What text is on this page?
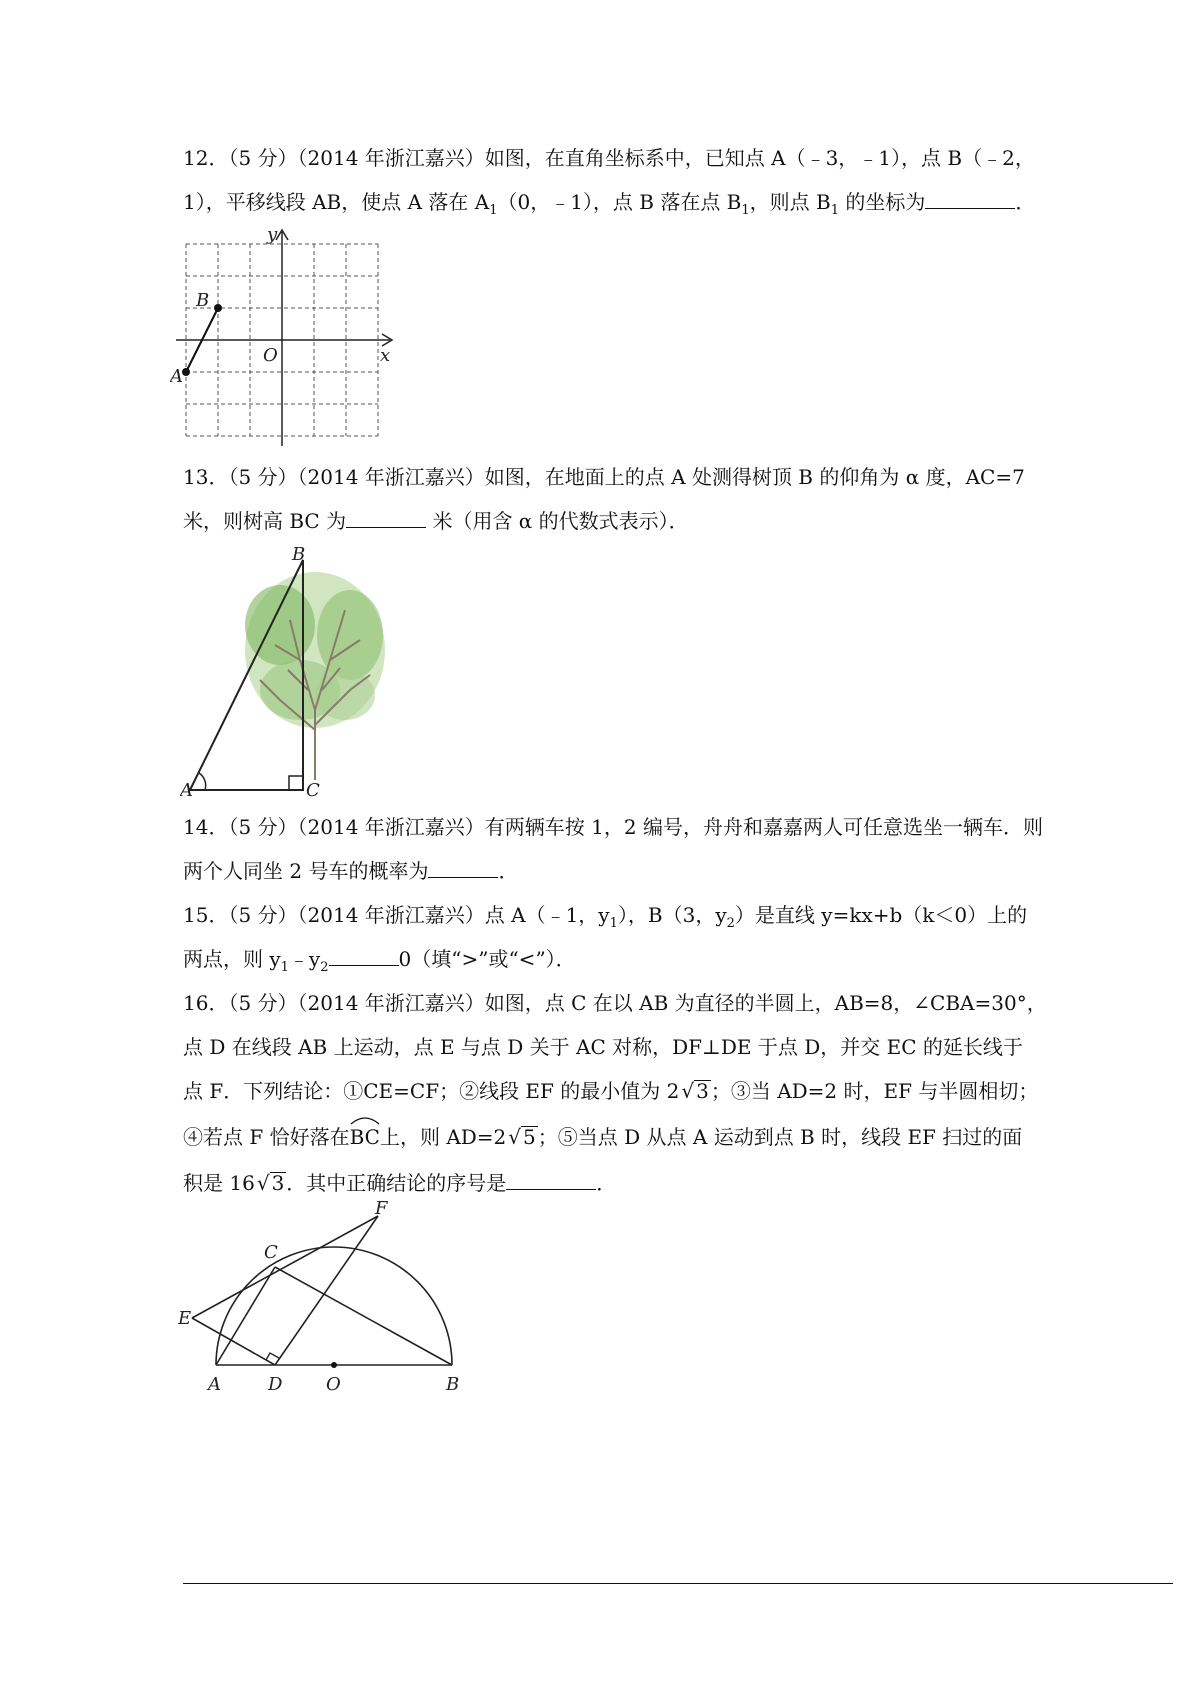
12．（5 分）（2014 年浙江嘉兴）如图，在直角坐标系中，已知点 A（﹣3，﹣1），点 B（﹣2，
1），平移线段 AB，使点 A 落在 $A_1(0$，﹣1），点 B 落在点 $B_1$，则点 $B_1$ 的坐标为	．
y
x
O
A
B
13．（5 分）（2014 年浙江嘉兴）如图，在地面上的点 A 处测得树顶 B 的仰角为 α 度，AC=7
米，则树高 BC 为	米（用含 α 的代数式表示）．
B
A	C
14．（5 分）（2014 年浙江嘉兴）有两辆车按 1，2 编号，舟舟和嘉嘉两人可任意选坐一辆车．则
两个人同坐 2 号车的概率为	．
15．（5 分）（2014 年浙江嘉兴）点 A（﹣1，$y_1$），B（3，$y_2$）是直线 y=kx+b（k＜0）上的
两点，则 $y_1﹣y_2$	0（填“>”或“<”）．
16．（5 分）（2014 年浙江嘉兴）如图，点 C 在以 AB 为直径的半圆上，AB=8，∠CBA=30°，
点 D 在线段 AB 上运动，点 E 与点 D 关于 AC 对称，DF⊥DE 于点 D，并交 EC 的延长线于
点 F．下列结论：①CE=CF；②线段 EF 的最小值为 2 √ 3 ；③当 AD=2 时，EF 与半圆相切；
④若点 F 恰好落在
BC上，则 AD=2 √ 5 ；⑤当点 D 从点 A 运动到点 B 时，线段 EF 扫过的面
积是 16 √ 3 ．其中正确结论的序号是	．
F
C
E
A	D O	B
